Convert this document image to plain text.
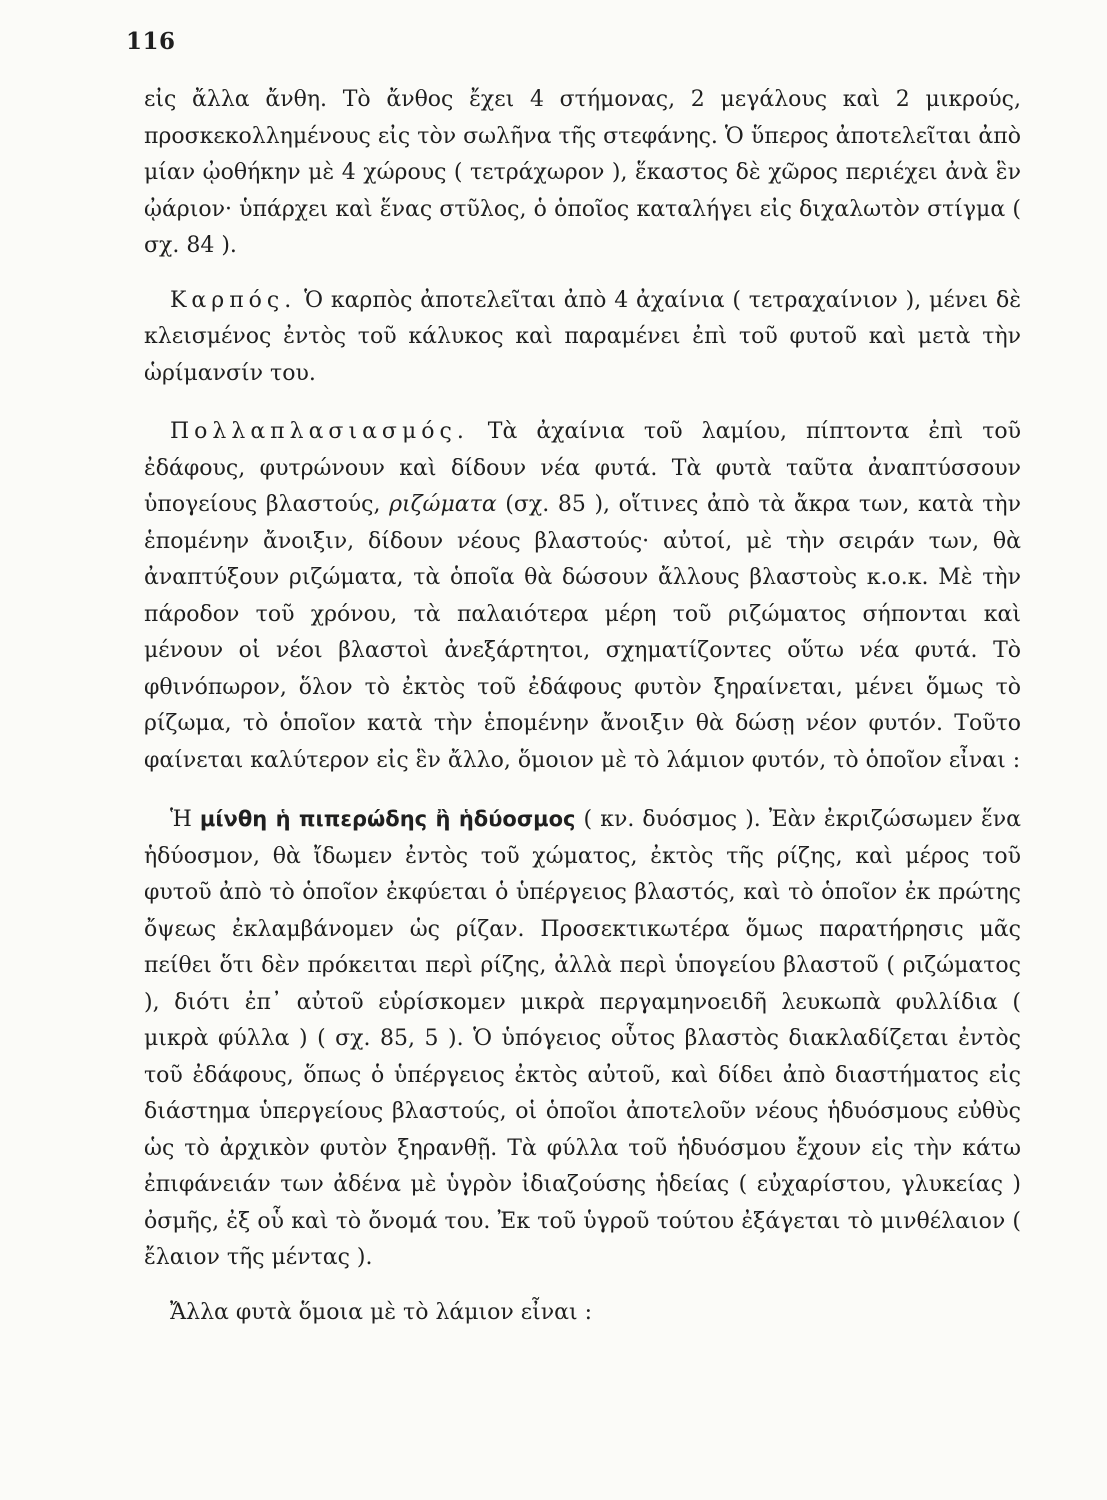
116

εἰς ἄλλα ἄνθη. Τὸ ἄνθος ἔχει 4 στήμονας, 2 μεγάλους καὶ 2 μικρούς, προσκεκολλημένους εἰς τὸν σωλῆνα τῆς στεφάνης. Ὁ ὕπερος ἀποτελεῖται ἀπὸ μίαν ᾠοθήκην μὲ 4 χώρους ( τετράχωρον ), ἕκαστος δὲ χῶρος περιέχει ἀνὰ ἓν ᾠάριον· ὑπάρχει καὶ ἕνας στῦλος, ὁ ὁποῖος καταλήγει εἰς διχαλωτὸν στίγμα ( σχ. 84 ).

Καρπός. Ὁ καρπὸς ἀποτελεῖται ἀπὸ 4 ἀχαίνια ( τετραχαίνιον ), μένει δὲ κλεισμένος ἐντὸς τοῦ κάλυκος καὶ παραμένει ἐπὶ τοῦ φυτοῦ καὶ μετὰ τὴν ὡρίμανσίν του.

Πολλαπλασιασμός. Τὰ ἀχαίνια τοῦ λαμίου, πίπτοντα ἐπὶ τοῦ ἐδάφους, φυτρώνουν καὶ δίδουν νέα φυτά. Τὰ φυτὰ ταῦτα ἀναπτύσσουν ὑπογείους βλαστούς, ριζώματα (σχ. 85 ), οἵτινες ἀπὸ τὰ ἄκρα των, κατὰ τὴν ἑπομένην ἄνοιξιν, δίδουν νέους βλαστούς· αὐτοί, μὲ τὴν σειράν των, θὰ ἀναπτύξουν ριζώματα, τὰ ὁποῖα θὰ δώσουν ἄλλους βλαστοὺς κ.ο.κ. Μὲ τὴν πάροδον τοῦ χρόνου, τὰ παλαιότερα μέρη τοῦ ριζώματος σήπονται καὶ μένουν οἱ νέοι βλαστοὶ ἀνεξάρτητοι, σχηματίζοντες οὕτω νέα φυτά. Τὸ φθινόπωρον, ὅλον τὸ ἐκτὸς τοῦ ἐδάφους φυτὸν ξηραίνεται, μένει ὅμως τὸ ρίζωμα, τὸ ὁποῖον κατὰ τὴν ἑπομένην ἄνοιξιν θὰ δώσῃ νέον φυτόν. Τοῦτο φαίνεται καλύτερον εἰς ἓν ἄλλο, ὅμοιον μὲ τὸ λάμιον φυτόν, τὸ ὁποῖον εἶναι :

Ἡ μίνθη ἡ πιπερώδης ἢ ἡδύοσμος ( κν. δυόσμος ). Ἐὰν ἐκριζώσωμεν ἕνα ἡδύοσμον, θὰ ἴδωμεν ἐντὸς τοῦ χώματος, ἐκτὸς τῆς ρίζης, καὶ μέρος τοῦ φυτοῦ ἀπὸ τὸ ὁποῖον ἐκφύεται ὁ ὑπέργειος βλαστός, καὶ τὸ ὁποῖον ἐκ πρώτης ὄψεως ἐκλαμβάνομεν ὡς ρίζαν. Προσεκτικωτέρα ὅμως παρατήρησις μᾶς πείθει ὅτι δὲν πρόκειται περὶ ρίζης, ἀλλὰ περὶ ὑπογείου βλαστοῦ ( ριζώματος ), διότι ἐπ᾽ αὐτοῦ εὑρίσκομεν μικρὰ περγαμηνοειδῆ λευκωπὰ φυλλίδια ( μικρὰ φύλλα ) ( σχ. 85, 5 ). Ὁ ὑπόγειος οὗτος βλαστὸς διακλαδίζεται ἐντὸς τοῦ ἐδάφους, ὅπως ὁ ὑπέργειος ἐκτὸς αὐτοῦ, καὶ δίδει ἀπὸ διαστήματος εἰς διάστημα ὑπεργείους βλαστούς, οἱ ὁποῖοι ἀποτελοῦν νέους ἡδυόσμους εὐθὺς ὡς τὸ ἀρχικὸν φυτὸν ξηρανθῇ. Τὰ φύλλα τοῦ ἡδυόσμου ἔχουν εἰς τὴν κάτω ἐπιφάνειάν των ἀδένα μὲ ὑγρὸν ἰδιαζούσης ἡδείας ( εὐχαρίστου, γλυκείας ) ὀσμῆς, ἐξ οὗ καὶ τὸ ὄνομά του. Ἐκ τοῦ ὑγροῦ τούτου ἐξάγεται τὸ μινθέλαιον ( ἔλαιον τῆς μέντας ).

Ἄλλα φυτὰ ὅμοια μὲ τὸ λάμιον εἶναι :
